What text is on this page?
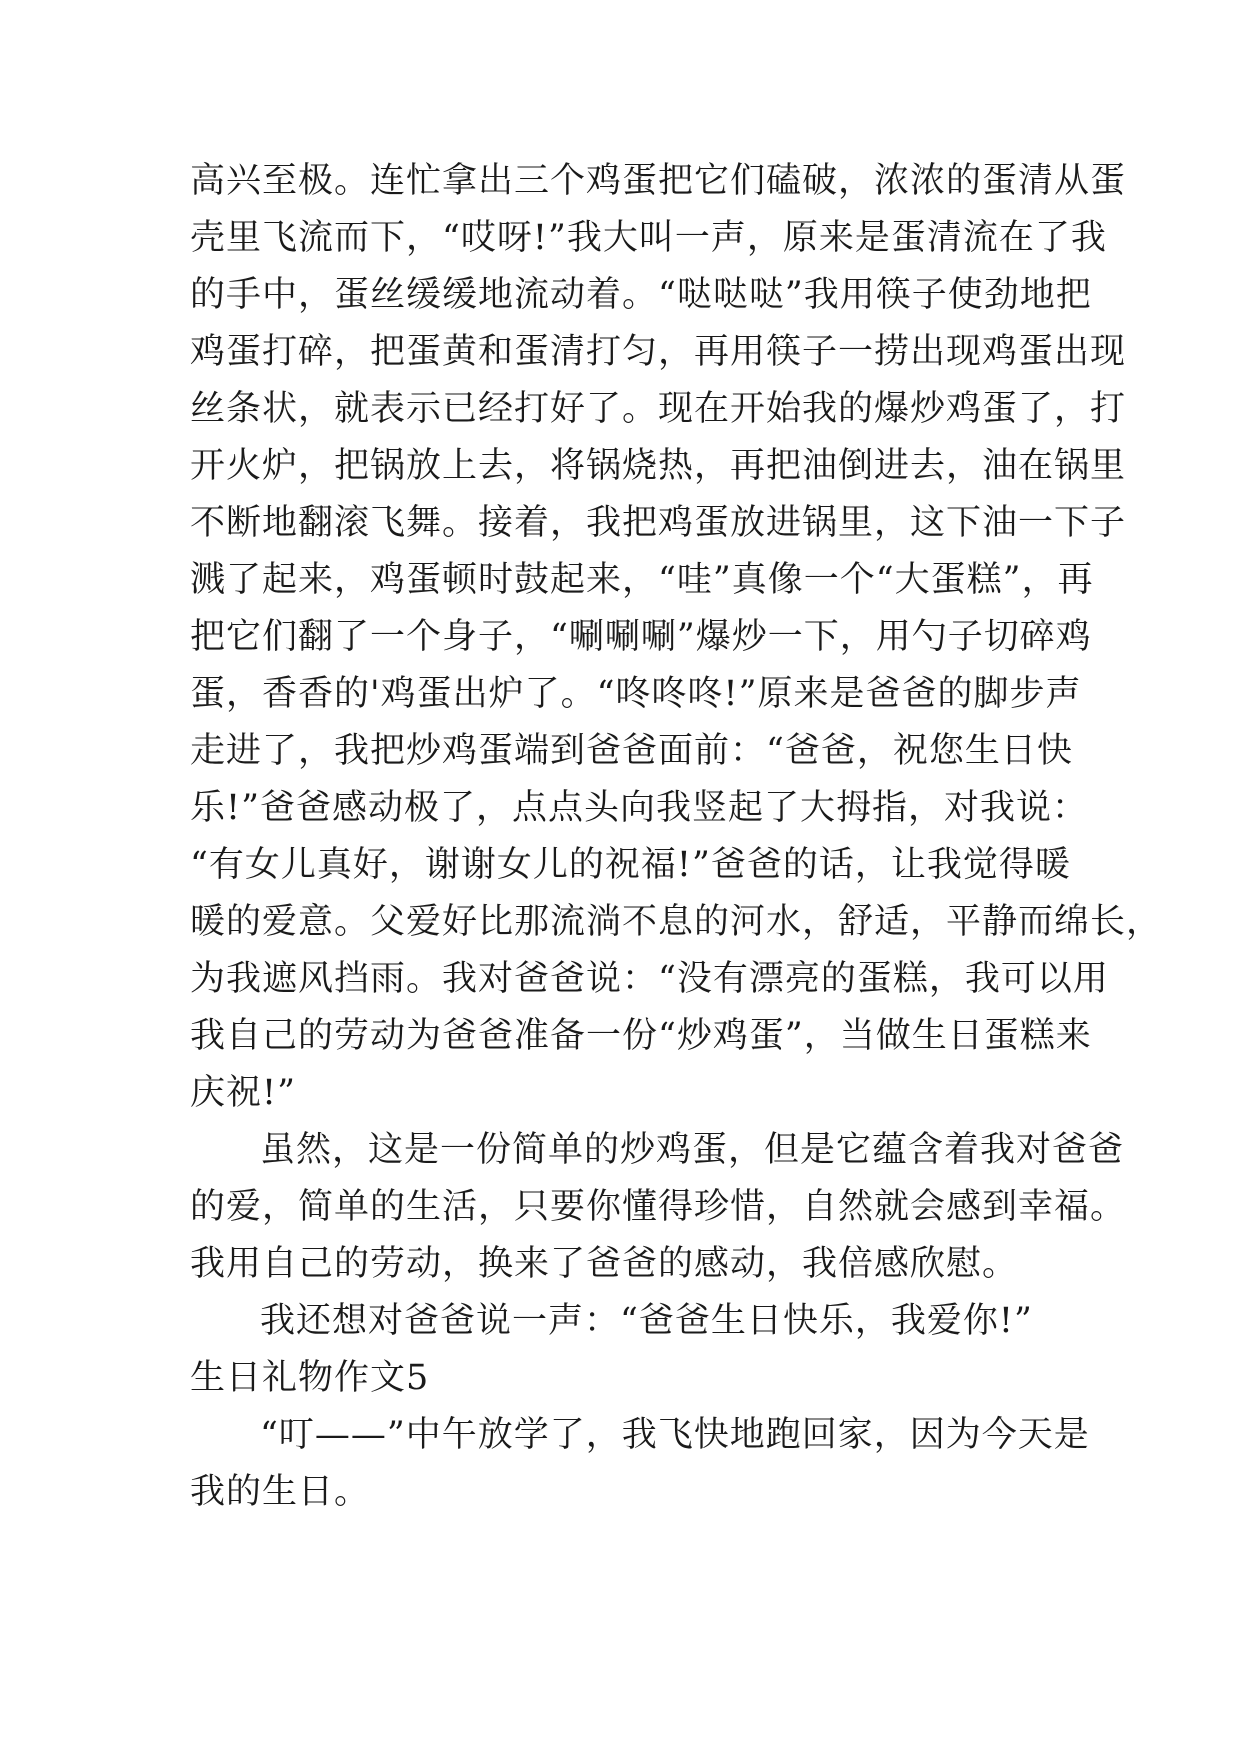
高兴至极。连忙拿出三个鸡蛋把它们磕破，浓浓的蛋清从蛋
壳里飞流而下，“哎呀!”我大叫一声，原来是蛋清流在了我
的手中，蛋丝缓缓地流动着。“哒哒哒”我用筷子使劲地把
鸡蛋打碎，把蛋黄和蛋清打匀，再用筷子一捞出现鸡蛋出现
丝条状，就表示已经打好了。现在开始我的爆炒鸡蛋了，打
开火炉，把锅放上去，将锅烧热，再把油倒进去，油在锅里
不断地翻滚飞舞。接着，我把鸡蛋放进锅里，这下油一下子
溅了起来，鸡蛋顿时鼓起来，“哇”真像一个“大蛋糕”，再
把它们翻了一个身子，“唰唰唰”爆炒一下，用勺子切碎鸡
蛋，香香的'鸡蛋出炉了。“咚咚咚!”原来是爸爸的脚步声
走进了，我把炒鸡蛋端到爸爸面前：“爸爸，祝您生日快
乐!”爸爸感动极了，点点头向我竖起了大拇指，对我说：
“有女儿真好，谢谢女儿的祝福!”爸爸的话，让我觉得暖
暖的爱意。父爱好比那流淌不息的河水，舒适，平静而绵长，
为我遮风挡雨。我对爸爸说：“没有漂亮的蛋糕，我可以用
我自己的劳动为爸爸准备一份“炒鸡蛋”，当做生日蛋糕来
庆祝!”
虽然，这是一份简单的炒鸡蛋，但是它蕴含着我对爸爸
的爱，简单的生活，只要你懂得珍惜，自然就会感到幸福。
我用自己的劳动，换来了爸爸的感动，我倍感欣慰。
我还想对爸爸说一声：“爸爸生日快乐，我爱你!”
生日礼物作文5
“叮——”中午放学了，我飞快地跑回家，因为今天是
我的生日。
